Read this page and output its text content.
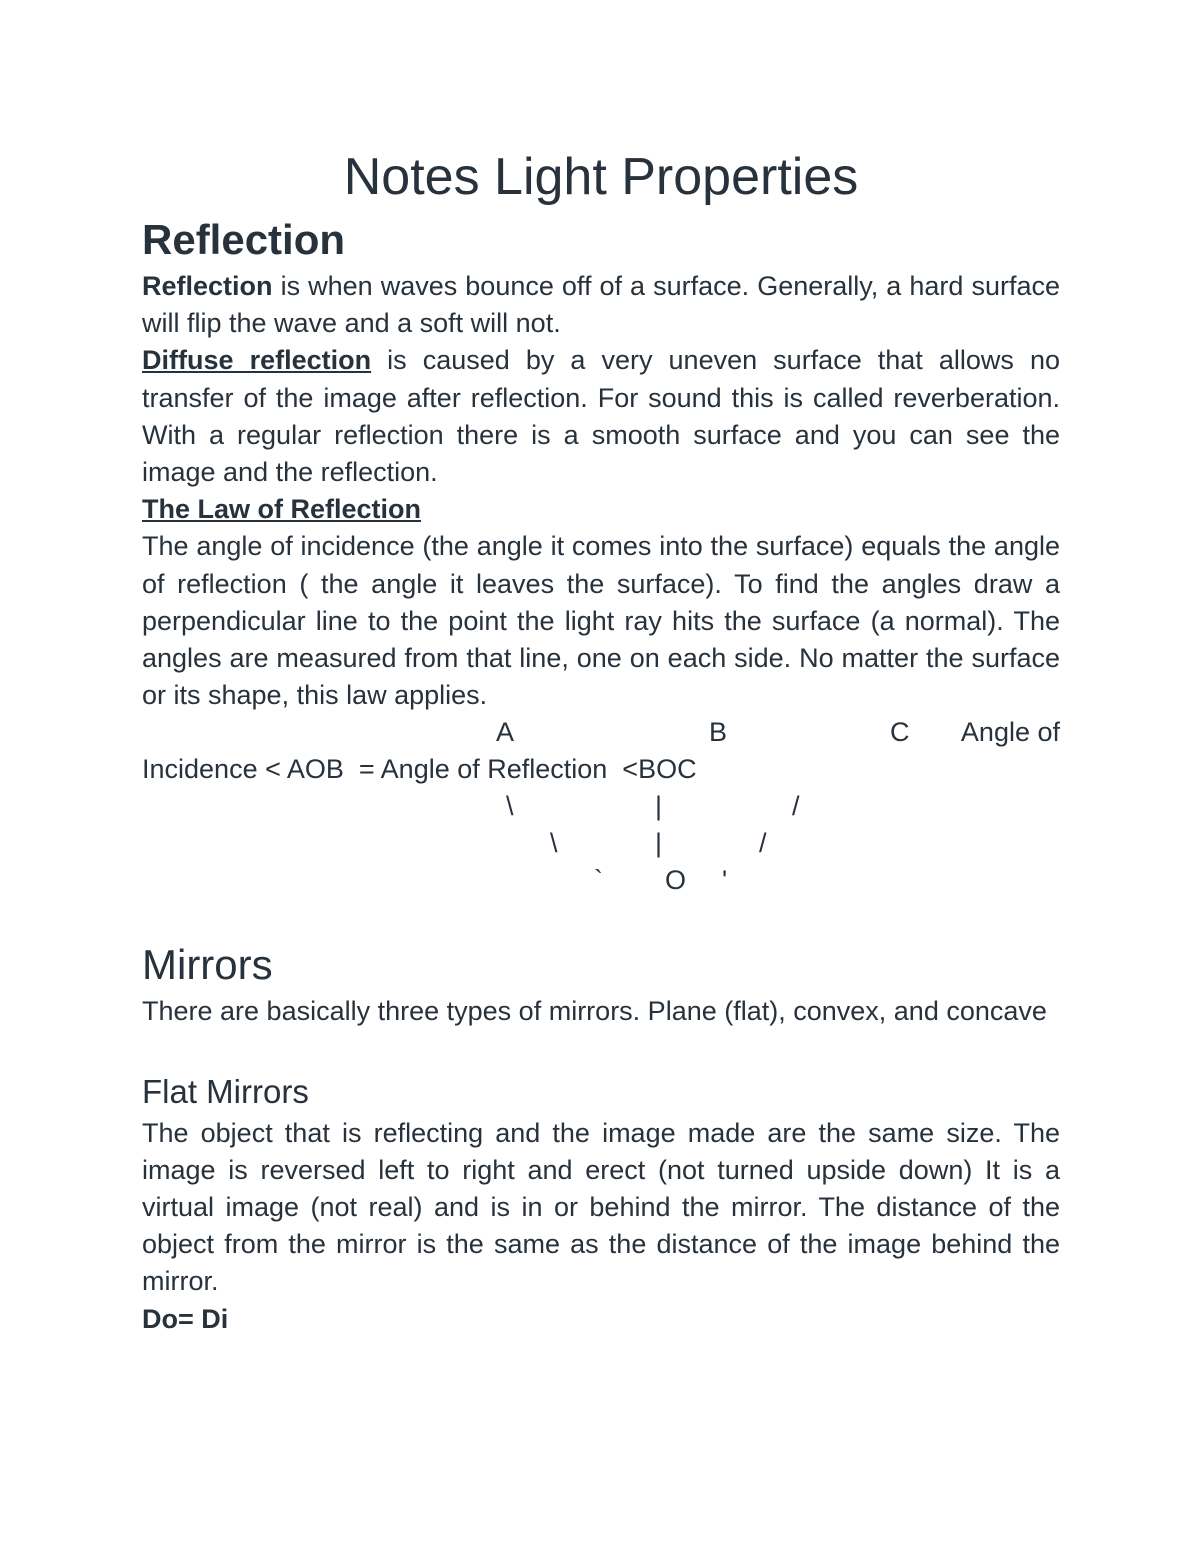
Notes Light Properties
Reflection

Reflection is when waves bounce off of a surface. Generally, a hard surface will flip the wave and a soft will not.

Diffuse reflection is caused by a very uneven surface that allows no transfer of the image after reflection. For sound this is called reverberation. With a regular reflection there is a smooth surface and you can see the image and the reflection.

The Law of Reflection

The angle of incidence (the angle it comes into the surface) equals the angle of reflection ( the angle it leaves the surface). To find the angles draw a perpendicular line to the point the light ray hits the surface (a normal). The angles are measured from that line, one on each side. No matter the surface or its shape, this law applies.

A	B	C Angle of
Incidence < AOB  = Angle of Reflection  <BOC
\	|	/
\	|	/
` O '
Mirrors

There are basically three types of mirrors. Plane (flat), convex, and concave

Flat Mirrors

The object that is reflecting and the image made are the same size. The image is reversed left to right and erect (not turned upside down) It is a virtual image (not real) and is in or behind the mirror. The distance of the object from the mirror is the same as the distance of the image behind the mirror.

Do= Di
